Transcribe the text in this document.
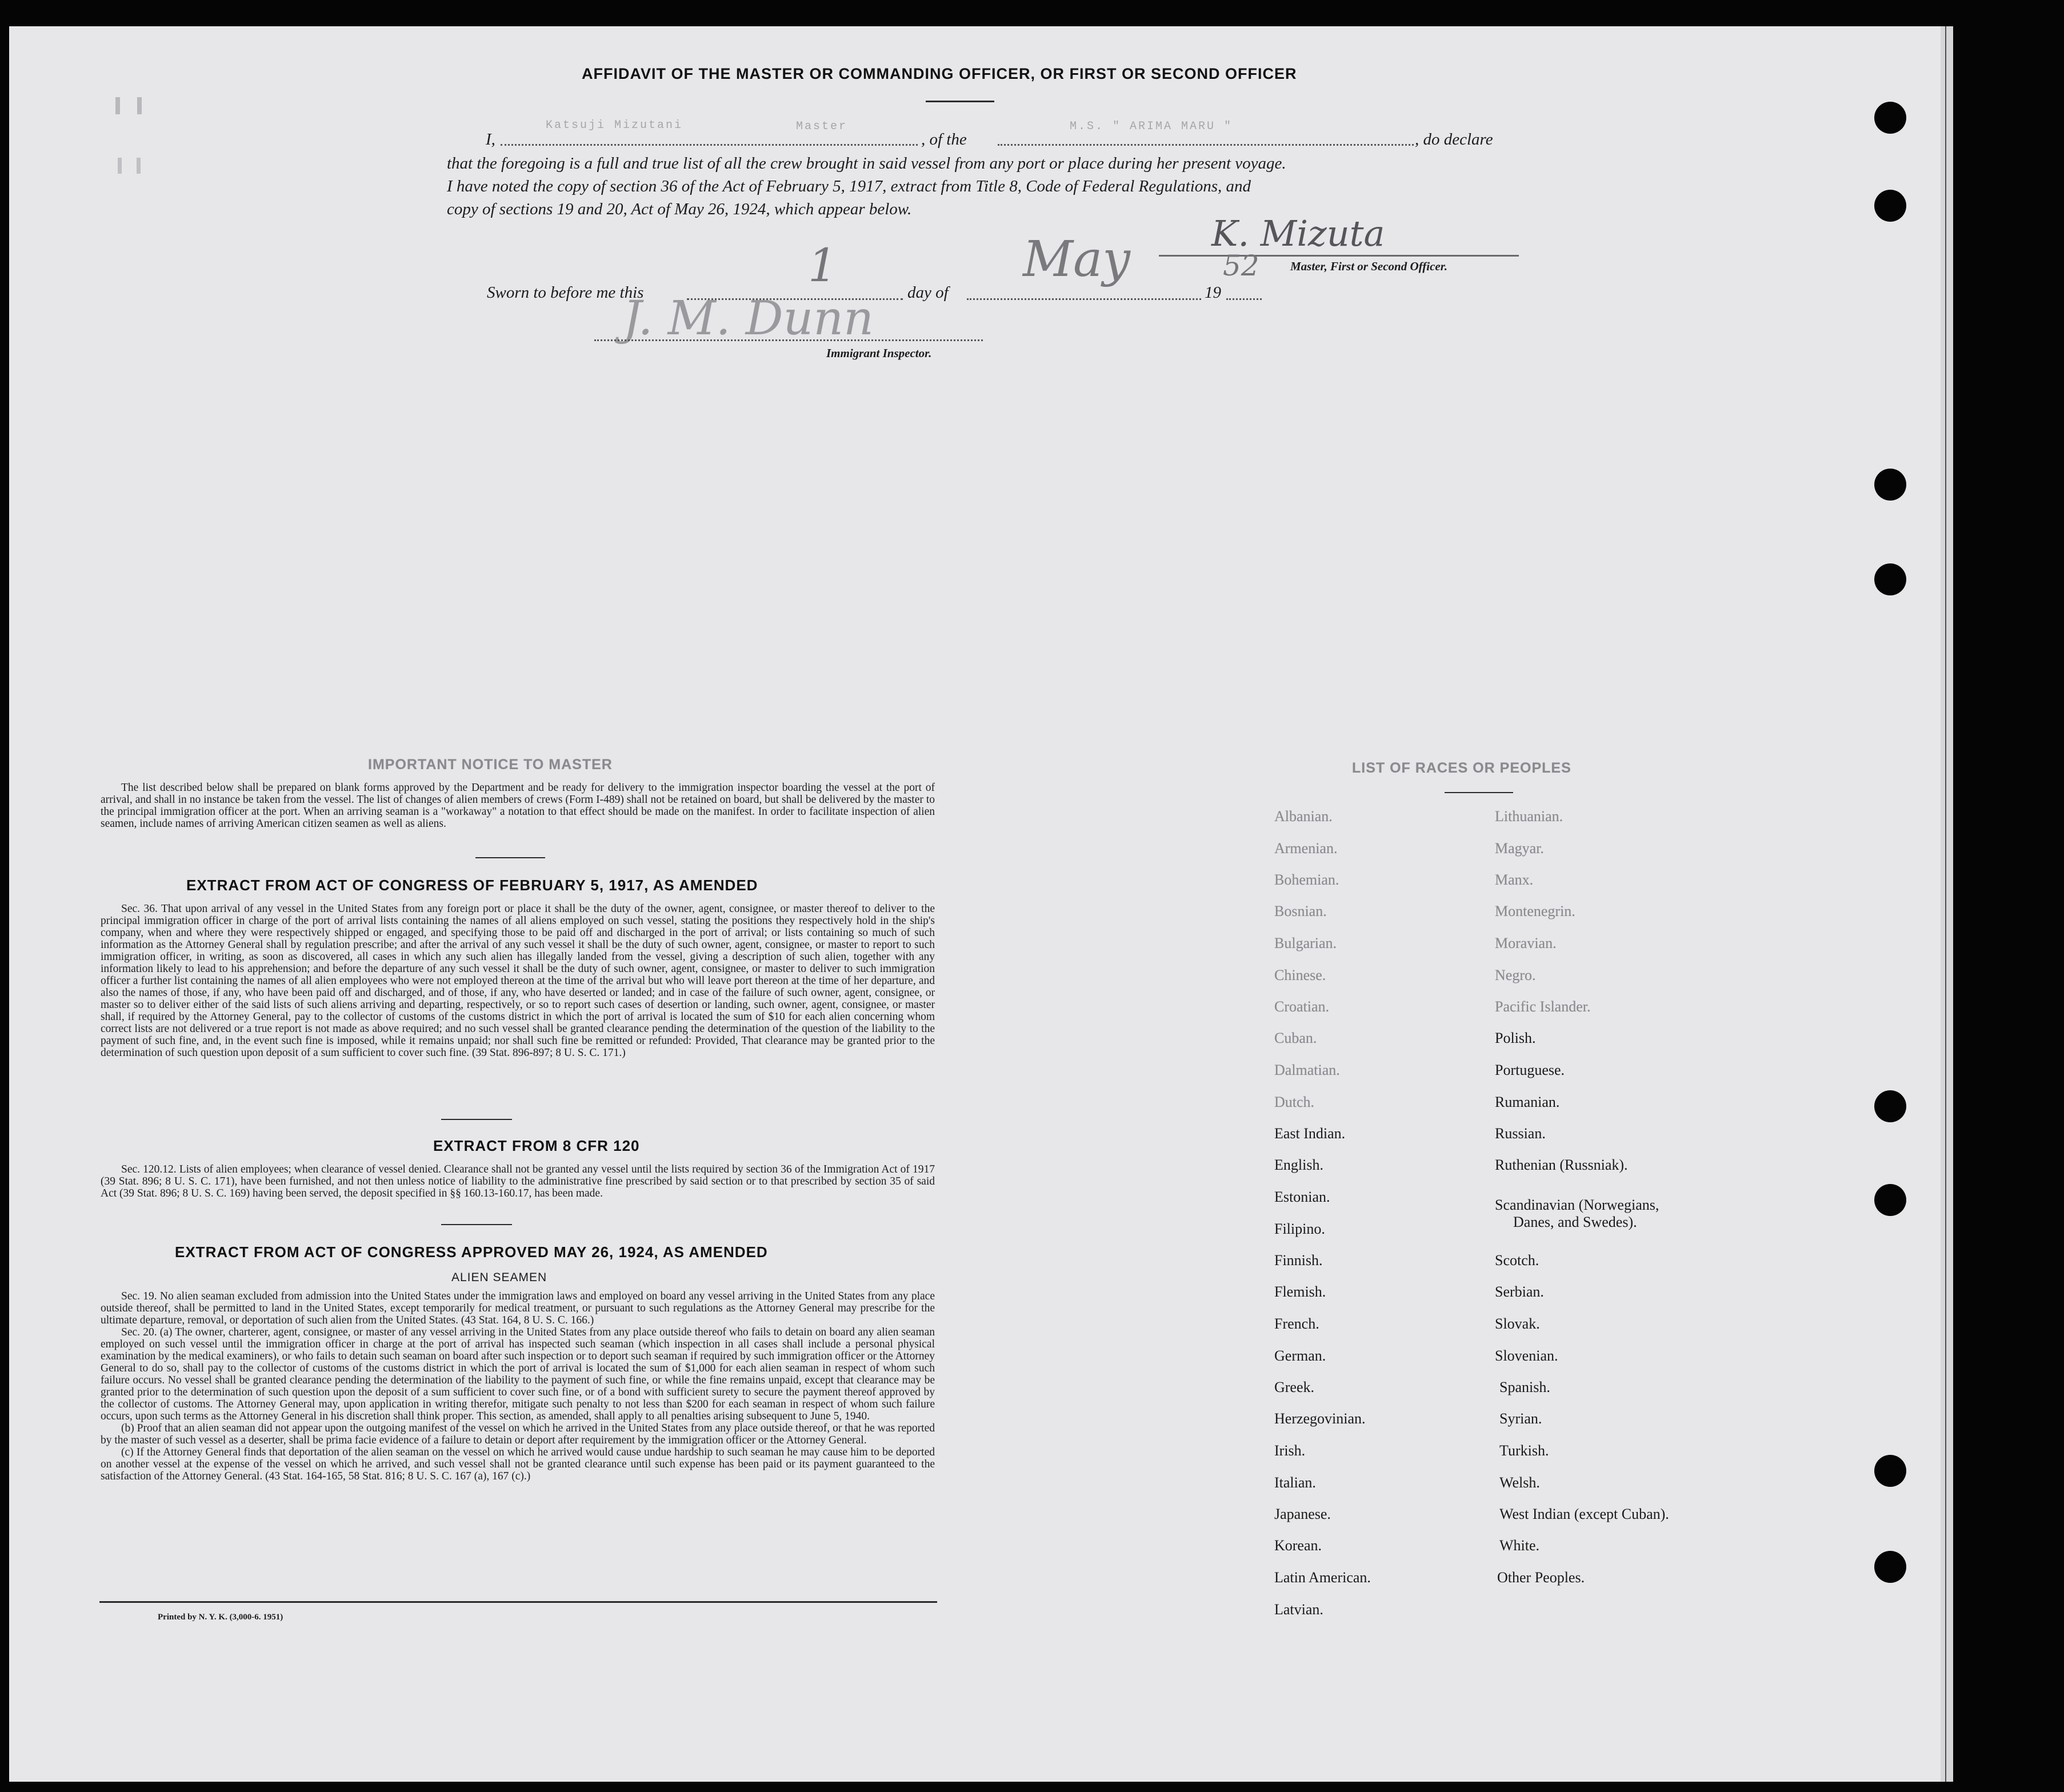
AFFIDAVIT OF THE MASTER OR COMMANDING OFFICER, OR FIRST OR SECOND OFFICER
I,
Katsuji Mizutani	Master
, of the
M.S. " ARIMA MARU "
, do declare
that the foregoing is a full and true list of all the crew brought in said vessel from any port or place during her present voyage.
I have noted the copy of section 36 of the Act of February 5, 1917, extract from Title 8, Code of Federal Regulations, and
copy of sections 19 and 20, Act of May 26, 1924, which appear below.
K. Mizuta
Master, First or Second Officer.
Sworn to before me this
1
day of
May
19
52
J. M. Dunn
Immigrant Inspector.
IMPORTANT NOTICE TO MASTER

The list described below shall be prepared on blank forms approved by the Department and be ready for delivery to the immigration inspector boarding the vessel at the port of arrival, and shall in no instance be taken from the vessel. The list of changes of alien members of crews (Form I-489) shall not be retained on board, but shall be delivered by the master to the principal immigration officer at the port. When an arriving seaman is a "workaway" a notation to that effect should be made on the manifest. In order to facilitate inspection of alien seamen, include names of arriving American citizen seamen as well as aliens.

EXTRACT FROM ACT OF CONGRESS OF FEBRUARY 5, 1917, AS AMENDED

Sec. 36. That upon arrival of any vessel in the United States from any foreign port or place it shall be the duty of the owner, agent, consignee, or master thereof to deliver to the principal immigration officer in charge of the port of arrival lists containing the names of all aliens employed on such vessel, stating the positions they respectively hold in the ship's company, when and where they were respectively shipped or engaged, and specifying those to be paid off and discharged in the port of arrival; or lists containing so much of such information as the Attorney General shall by regulation prescribe; and after the arrival of any such vessel it shall be the duty of such owner, agent, consignee, or master to report to such immigration officer, in writing, as soon as discovered, all cases in which any such alien has illegally landed from the vessel, giving a description of such alien, together with any information likely to lead to his apprehension; and before the departure of any such vessel it shall be the duty of such owner, agent, consignee, or master to deliver to such immigration officer a further list containing the names of all alien employees who were not employed thereon at the time of the arrival but who will leave port thereon at the time of her departure, and also the names of those, if any, who have been paid off and discharged, and of those, if any, who have deserted or landed; and in case of the failure of such owner, agent, consignee, or master so to deliver either of the said lists of such aliens arriving and departing, respectively, or so to report such cases of desertion or landing, such owner, agent, consignee, or master shall, if required by the Attorney General, pay to the collector of customs of the customs district in which the port of arrival is located the sum of $10 for each alien concerning whom correct lists are not delivered or a true report is not made as above required; and no such vessel shall be granted clearance pending the determination of the question of the liability to the payment of such fine, and, in the event such fine is imposed, while it remains unpaid; nor shall such fine be remitted or refunded: Provided, That clearance may be granted prior to the determination of such question upon deposit of a sum sufficient to cover such fine. (39 Stat. 896-897; 8 U. S. C. 171.)

EXTRACT FROM 8 CFR 120

Sec. 120.12. Lists of alien employees; when clearance of vessel denied. Clearance shall not be granted any vessel until the lists required by section 36 of the Immigration Act of 1917 (39 Stat. 896; 8 U. S. C. 171), have been furnished, and not then unless notice of liability to the administrative fine prescribed by said section or to that prescribed by section 35 of said Act (39 Stat. 896; 8 U. S. C. 169) having been served, the deposit specified in §§ 160.13-160.17, has been made.

EXTRACT FROM ACT OF CONGRESS APPROVED MAY 26, 1924, AS AMENDED
ALIEN SEAMEN

Sec. 19. No alien seaman excluded from admission into the United States under the immigration laws and employed on board any vessel arriving in the United States from any place outside thereof, shall be permitted to land in the United States, except temporarily for medical treatment, or pursuant to such regulations as the Attorney General may prescribe for the ultimate departure, removal, or deportation of such alien from the United States. (43 Stat. 164, 8 U. S. C. 166.)

Sec. 20. (a) The owner, charterer, agent, consignee, or master of any vessel arriving in the United States from any place outside thereof who fails to detain on board any alien seaman employed on such vessel until the immigration officer in charge at the port of arrival has inspected such seaman (which inspection in all cases shall include a personal physical examination by the medical examiners), or who fails to detain such seaman on board after such inspection or to deport such seaman if required by such immigration officer or the Attorney General to do so, shall pay to the collector of customs of the customs district in which the port of arrival is located the sum of $1,000 for each alien seaman in respect of whom such failure occurs. No vessel shall be granted clearance pending the determination of the liability to the payment of such fine, or while the fine remains unpaid, except that clearance may be granted prior to the determination of such question upon the deposit of a sum sufficient to cover such fine, or of a bond with sufficient surety to secure the payment thereof approved by the collector of customs. The Attorney General may, upon application in writing therefor, mitigate such penalty to not less than $200 for each seaman in respect of whom such failure occurs, upon such terms as the Attorney General in his discretion shall think proper. This section, as amended, shall apply to all penalties arising subsequent to June 5, 1940.

(b) Proof that an alien seaman did not appear upon the outgoing manifest of the vessel on which he arrived in the United States from any place outside thereof, or that he was reported by the master of such vessel as a deserter, shall be prima facie evidence of a failure to detain or deport after requirement by the immigration officer or the Attorney General.

(c) If the Attorney General finds that deportation of the alien seaman on the vessel on which he arrived would cause undue hardship to such seaman he may cause him to be deported on another vessel at the expense of the vessel on which he arrived, and such vessel shall not be granted clearance until such expense has been paid or its payment guaranteed to the satisfaction of the Attorney General. (43 Stat. 164-165, 58 Stat. 816; 8 U. S. C. 167 (a), 167 (c).)

Printed by N. Y. K. (3,000-6. 1951)
LIST OF RACES OR PEOPLES
Albanian.
Armenian.
Bohemian.
Bosnian.
Bulgarian.
Chinese.
Croatian.
Cuban.
Dalmatian.
Dutch.
East Indian.
English.
Estonian.
Filipino.
Finnish.
Flemish.
French.
German.
Greek.
Herzegovinian.
Irish.
Italian.
Japanese.
Korean.
Latin American.
Latvian.
Lithuanian.
Magyar.
Manx.
Montenegrin.
Moravian.
Negro.
Pacific Islander.
Polish.
Portuguese.
Rumanian.
Russian.
Ruthenian (Russniak).
Scandinavian (Norwegians,
Danes, and Swedes).
Scotch.
Serbian.
Slovak.
Slovenian.
Spanish.
Syrian.
Turkish.
Welsh.
West Indian (except Cuban).
White.
Other Peoples.
